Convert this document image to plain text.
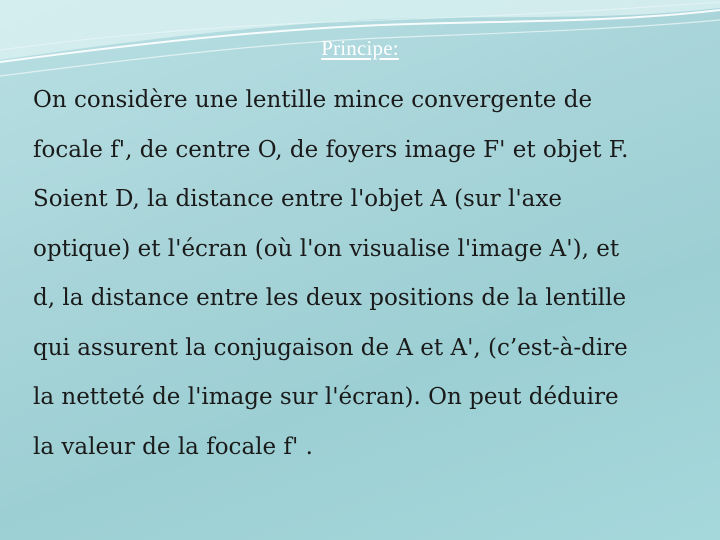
Principe:
On considère une lentille mince convergente de
focale f', de centre O, de foyers image F' et objet F.
Soient D, la distance entre l'objet A (sur l'axe
optique) et l'écran (où l'on visualise l'image A'), et
d, la distance entre les deux positions de la lentille
qui assurent la conjugaison de A et A', (c’est-à-dire
la netteté de l'image sur l'écran). On peut déduire
la valeur de la focale f' .
